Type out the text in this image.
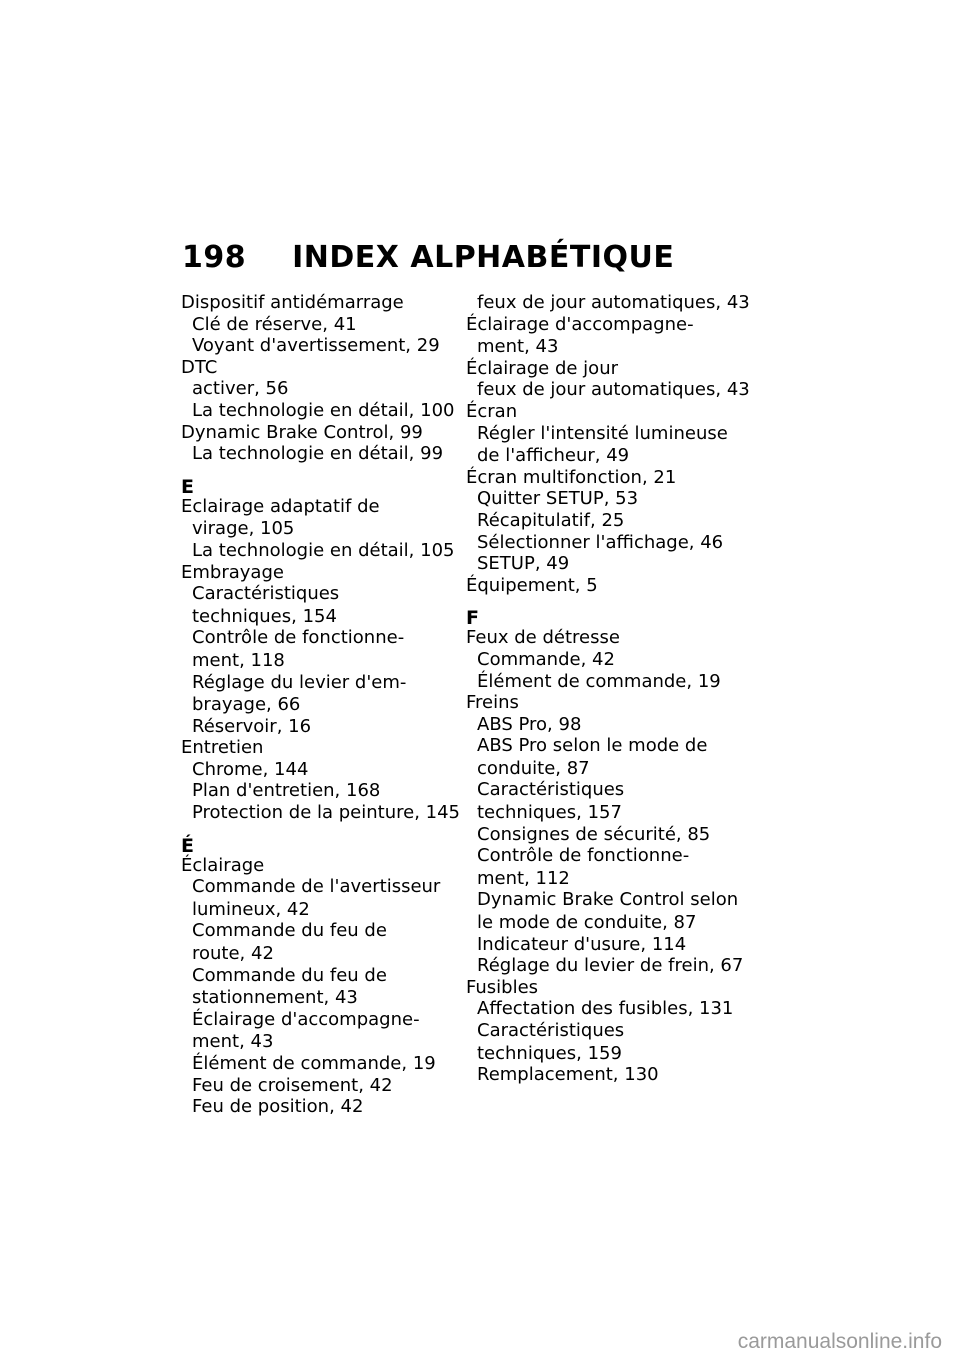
198 INDEX ALPHABÉTIQUE
Dispositif antidémarrage
Clé de réserve, 41
Voyant d'avertissement, 29
DTC
activer, 56
La technologie en détail, 100
Dynamic Brake Control, 99
La technologie en détail, 99
E
Eclairage adaptatif de
virage, 105
La technologie en détail, 105
Embrayage
Caractéristiques
techniques, 154
Contrôle de fonctionne-
ment, 118
Réglage du levier d'em-
brayage, 66
Réservoir, 16
Entretien
Chrome, 144
Plan d'entretien, 168
Protection de la peinture, 145
É
Éclairage
Commande de l'avertisseur
lumineux, 42
Commande du feu de
route, 42
Commande du feu de
stationnement, 43
Éclairage d'accompagne-
ment, 43
Élément de commande, 19
Feu de croisement, 42
Feu de position, 42
feux de jour automatiques, 43
Éclairage d'accompagne-
ment, 43
Éclairage de jour
feux de jour automatiques, 43
Écran
Régler l'intensité lumineuse
de l'afficheur, 49
Écran multifonction, 21
Quitter SETUP, 53
Récapitulatif, 25
Sélectionner l'affichage, 46
SETUP, 49
Équipement, 5
F
Feux de détresse
Commande, 42
Élément de commande, 19
Freins
ABS Pro, 98
ABS Pro selon le mode de
conduite, 87
Caractéristiques
techniques, 157
Consignes de sécurité, 85
Contrôle de fonctionne-
ment, 112
Dynamic Brake Control selon
le mode de conduite, 87
Indicateur d'usure, 114
Réglage du levier de frein, 67
Fusibles
Affectation des fusibles, 131
Caractéristiques
techniques, 159
Remplacement, 130
carmanualsonline.info
